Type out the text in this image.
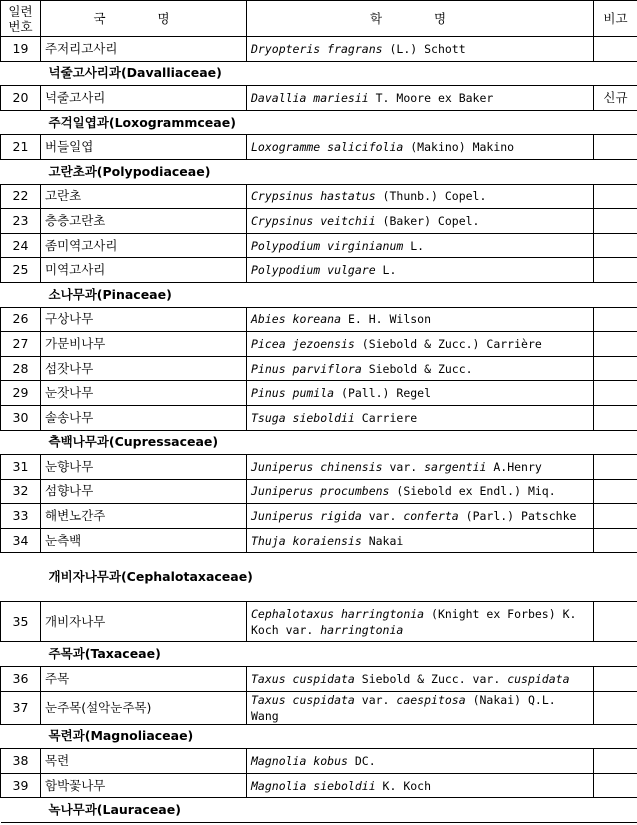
일련
번호	국 명	학 명	비고
19	주저리고사리	Dryopteris fragrans (L.) Schott	
넉줄고사리과(Davalliaceae)			
20	넉줄고사리	Davallia mariesii T. Moore ex Baker	신규
주걱일엽과(Loxogrammceae)			
21	버들일엽	Loxogramme salicifolia (Makino) Makino	
고란초과(Polypodiaceae)			
22	고란초	Crypsinus hastatus (Thunb.) Copel.	
23	층층고란초	Crypsinus veitchii (Baker) Copel.	
24	좀미역고사리	Polypodium virginianum L.	
25	미역고사리	Polypodium vulgare L.	
소나무과(Pinaceae)			
26	구상나무	Abies koreana E. H. Wilson	
27	가문비나무	Picea jezoensis (Siebold & Zucc.) Carrière	
28	섬잣나무	Pinus parviflora Siebold & Zucc.	
29	눈잣나무	Pinus pumila (Pall.) Regel	
30	솔송나무	Tsuga sieboldii Carriere	
측백나무과(Cupressaceae)			
31	눈향나무	Juniperus chinensis var. sargentii A.Henry	
32	섬향나무	Juniperus procumbens (Siebold ex Endl.) Miq.	
33	해변노간주	Juniperus rigida var. conferta (Parl.) Patschke	
34	눈측백	Thuja koraiensis Nakai	
개비자나무과(Cephalotaxaceae)			
35	개비자나무	Cephalotaxus harringtonia (Knight ex Forbes) K. Koch var. harringtonia	
주목과(Taxaceae)			
36	주목	Taxus cuspidata Siebold & Zucc. var. cuspidata	
37	눈주목(설악눈주목)	Taxus cuspidata var. caespitosa (Nakai) Q.L. Wang	
목련과(Magnoliaceae)			
38	목련	Magnolia kobus DC.	
39	함박꽃나무	Magnolia sieboldii K. Koch	
녹나무과(Lauraceae)			
